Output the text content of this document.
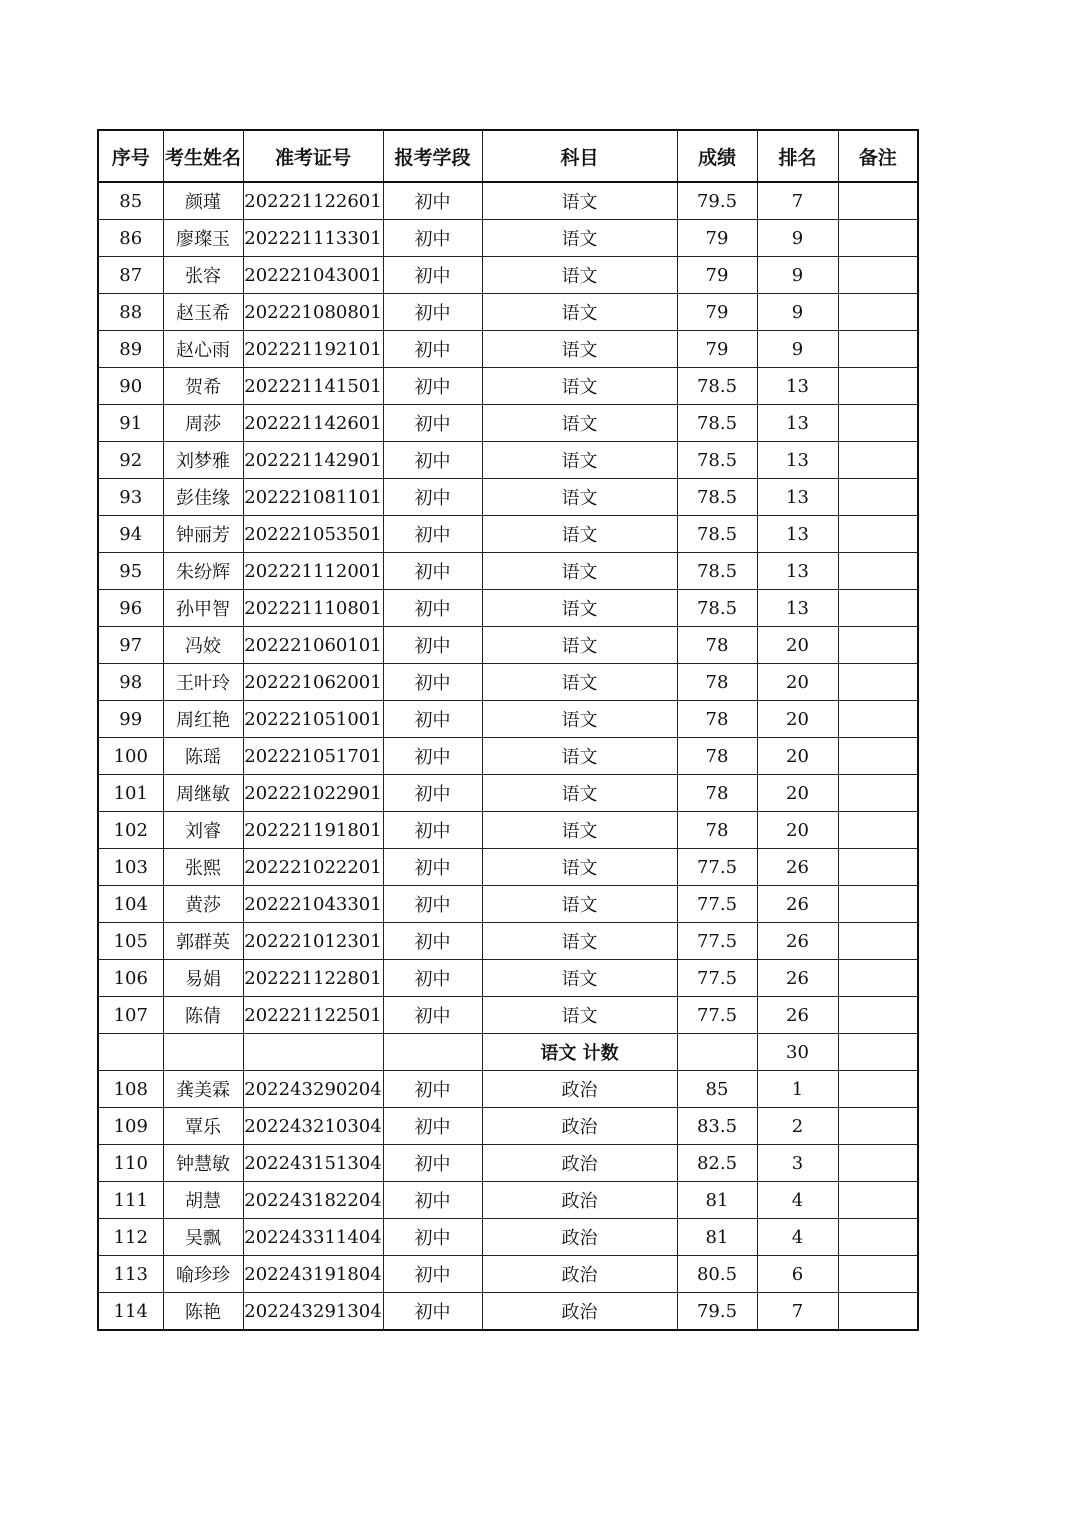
序号	考生姓名	准考证号	报考学段	科目	成绩	排名	备注
85	颜瑾	202221122601	初中	语文	79.5	7	
86	廖璨玉	202221113301	初中	语文	79	9	
87	张容	202221043001	初中	语文	79	9	
88	赵玉希	202221080801	初中	语文	79	9	
89	赵心雨	202221192101	初中	语文	79	9	
90	贺希	202221141501	初中	语文	78.5	13	
91	周莎	202221142601	初中	语文	78.5	13	
92	刘梦雅	202221142901	初中	语文	78.5	13	
93	彭佳缘	202221081101	初中	语文	78.5	13	
94	钟丽芳	202221053501	初中	语文	78.5	13	
95	朱纷辉	202221112001	初中	语文	78.5	13	
96	孙甲智	202221110801	初中	语文	78.5	13	
97	冯姣	202221060101	初中	语文	78	20	
98	王叶玲	202221062001	初中	语文	78	20	
99	周红艳	202221051001	初中	语文	78	20	
100	陈瑶	202221051701	初中	语文	78	20	
101	周继敏	202221022901	初中	语文	78	20	
102	刘睿	202221191801	初中	语文	78	20	
103	张熙	202221022201	初中	语文	77.5	26	
104	黄莎	202221043301	初中	语文	77.5	26	
105	郭群英	202221012301	初中	语文	77.5	26	
106	易娟	202221122801	初中	语文	77.5	26	
107	陈倩	202221122501	初中	语文	77.5	26	
				语文 计数		30	
108	龚美霖	202243290204	初中	政治	85	1	
109	覃乐	202243210304	初中	政治	83.5	2	
110	钟慧敏	202243151304	初中	政治	82.5	3	
111	胡慧	202243182204	初中	政治	81	4	
112	吴飘	202243311404	初中	政治	81	4	
113	喻珍珍	202243191804	初中	政治	80.5	6	
114	陈艳	202243291304	初中	政治	79.5	7	
